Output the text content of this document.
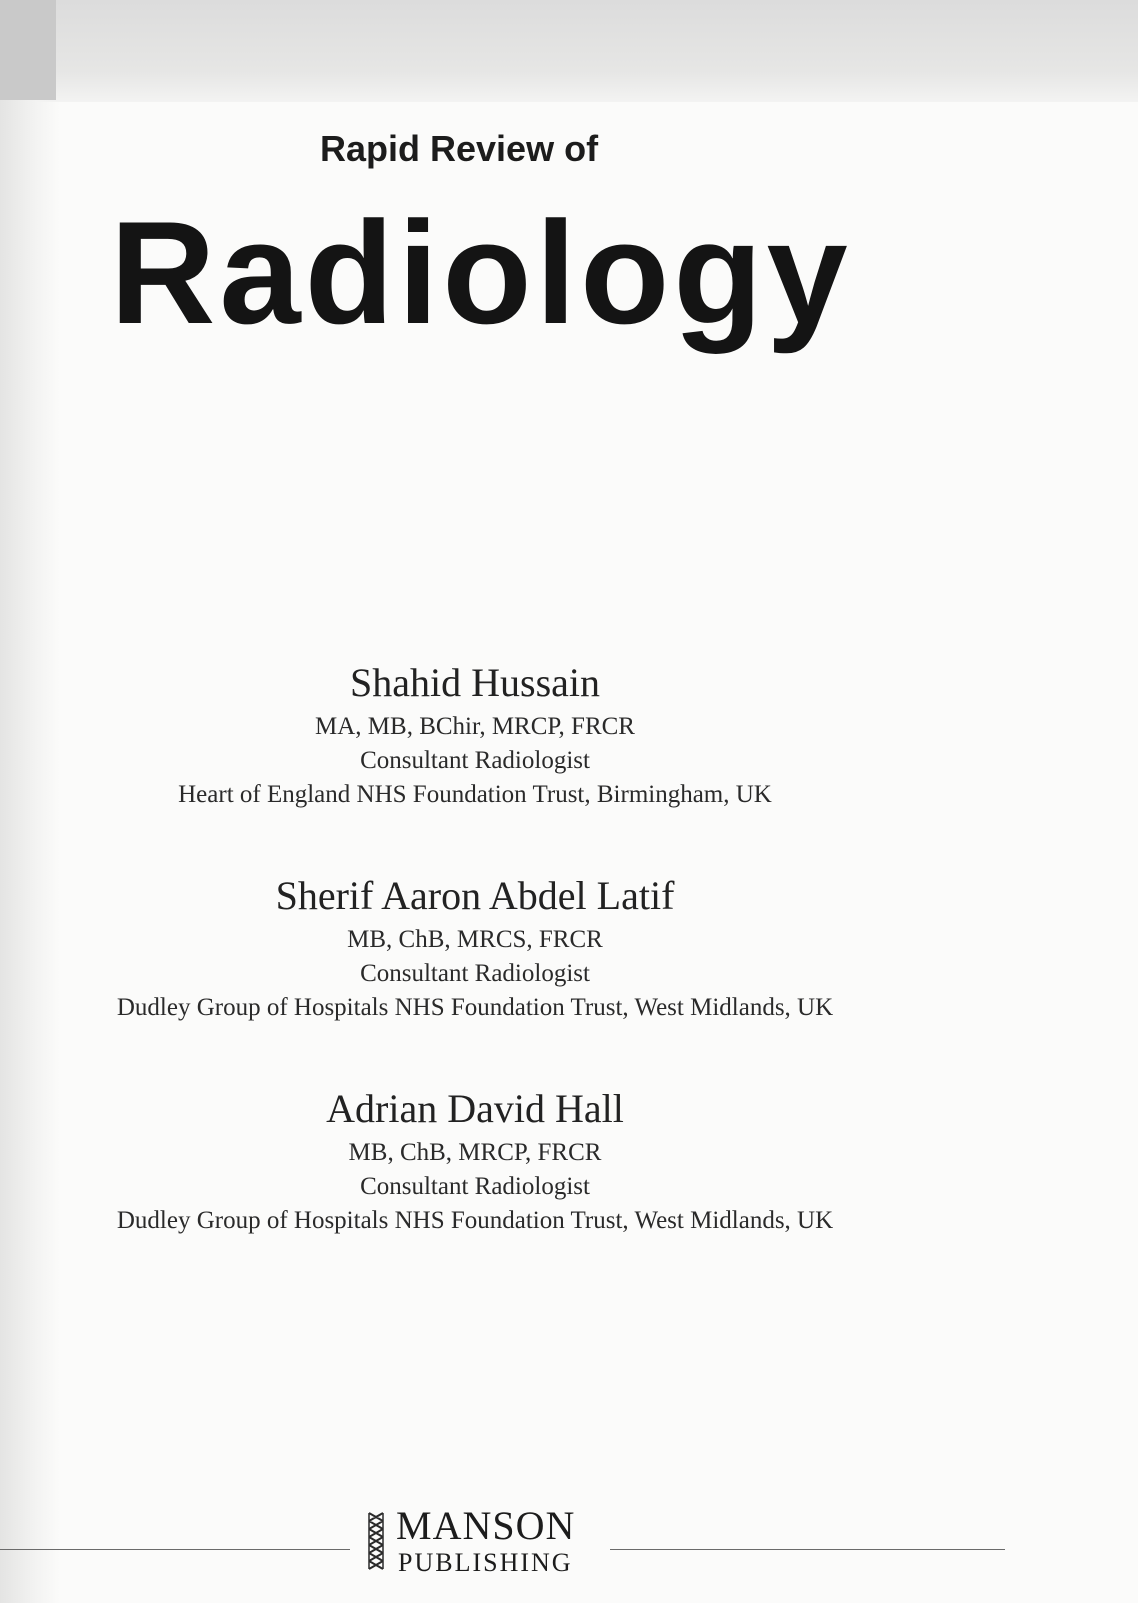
Rapid Review of
Radiology
Shahid Hussain
MA, MB, BChir, MRCP, FRCR
Consultant Radiologist
Heart of England NHS Foundation Trust, Birmingham, UK
Sherif Aaron Abdel Latif
MB, ChB, MRCS, FRCR
Consultant Radiologist
Dudley Group of Hospitals NHS Foundation Trust, West Midlands, UK
Adrian David Hall
MB, ChB, MRCP, FRCR
Consultant Radiologist
Dudley Group of Hospitals NHS Foundation Trust, West Midlands, UK
MANSON
PUBLISHING
